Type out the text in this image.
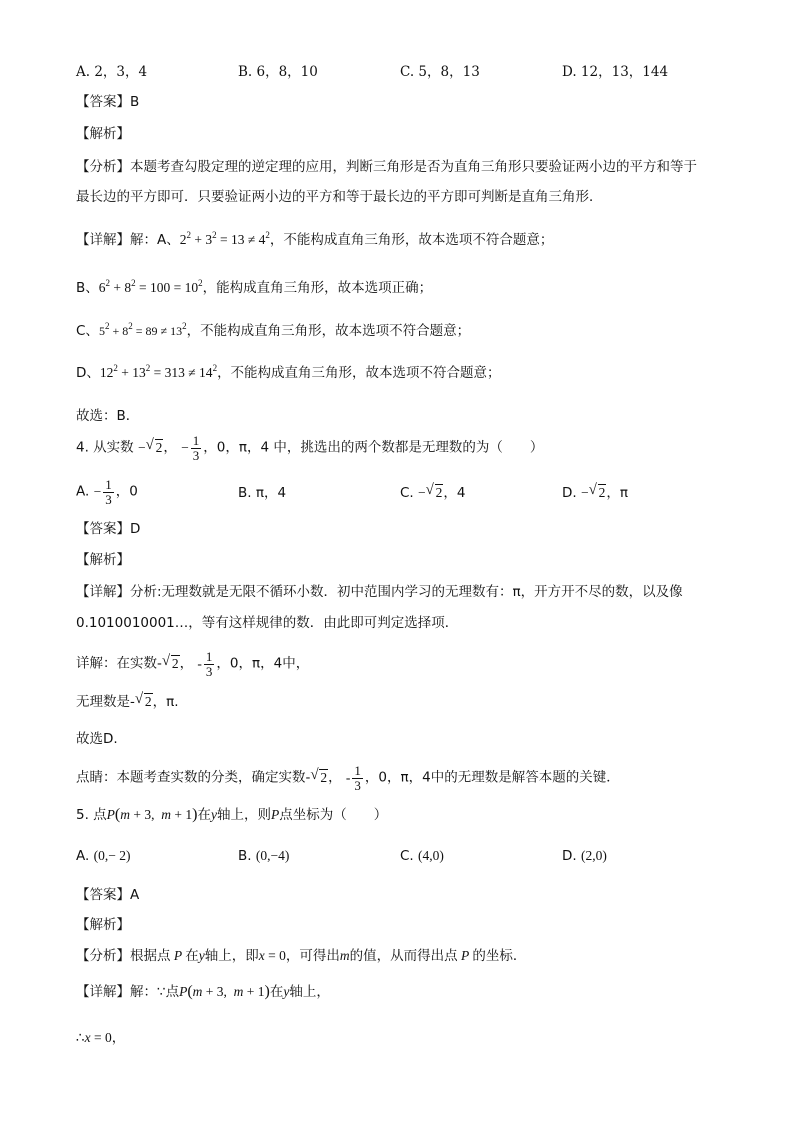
A. 2，3，4	B. 6，8，10	C. 5，8，13	D. 12，13，144
【答案】B
【解析】
【分析】本题考查勾股定理的逆定理的应用，判断三角形是否为直角三角形只要验证两小边的平方和等于
最长边的平方即可．只要验证两小边的平方和等于最长边的平方即可判断是直角三角形．
【详解】解：A、$2^2 + 3^2 = 13 \ne 4^2$，不能构成直角三角形，故本选项不符合题意；
B、$6^2 + 8^2 = 100 = 10^2$，能构成直角三角形，故本选项正确；
C、$5^2 + 8^2 = 89 \ne 13^2$，不能构成直角三角形，故本选项不符合题意；
D、$12^2 + 13^2 = 313 \ne 14^2$，不能构成直角三角形，故本选项不符合题意；
故选：B．
4. 从实数 − √ 2， − $\frac{1}{3}$ ，0，π，4 中，挑选出的两个数都是无理数的为（　　）
A. − $\frac{1}{3}$ ，0	B. π，4	C. − √ 2，4	D. − √ 2，π
【答案】D
【解析】
【详解】分析:无理数就是无限不循环小数．初中范围内学习的无理数有：π，开方开不尽的数，以及像
0.1010010001…，等有这样规律的数．由此即可判定选择项．
详解：在实数- √ 2， - $\frac{1}{3}$ ，0，π，4中，
无理数是- √ 2，π.
故选D.
点睛：本题考查实数的分类，确定实数- √ 2， - $\frac{1}{3}$ ，0，π，4中的无理数是解答本题的关键．
5. 点P(m + 3,  m + 1)在y轴上，则P点坐标为（　　）
A. (0,− 2)	B. (0,−4)	C. (4,0)	D. (2,0)
【答案】A
【解析】
【分析】根据点 P 在y轴上，即x = 0，可得出m的值，从而得出点 P 的坐标．
【详解】解：∵点P(m + 3,  m + 1)在y轴上，
∴x = 0，
